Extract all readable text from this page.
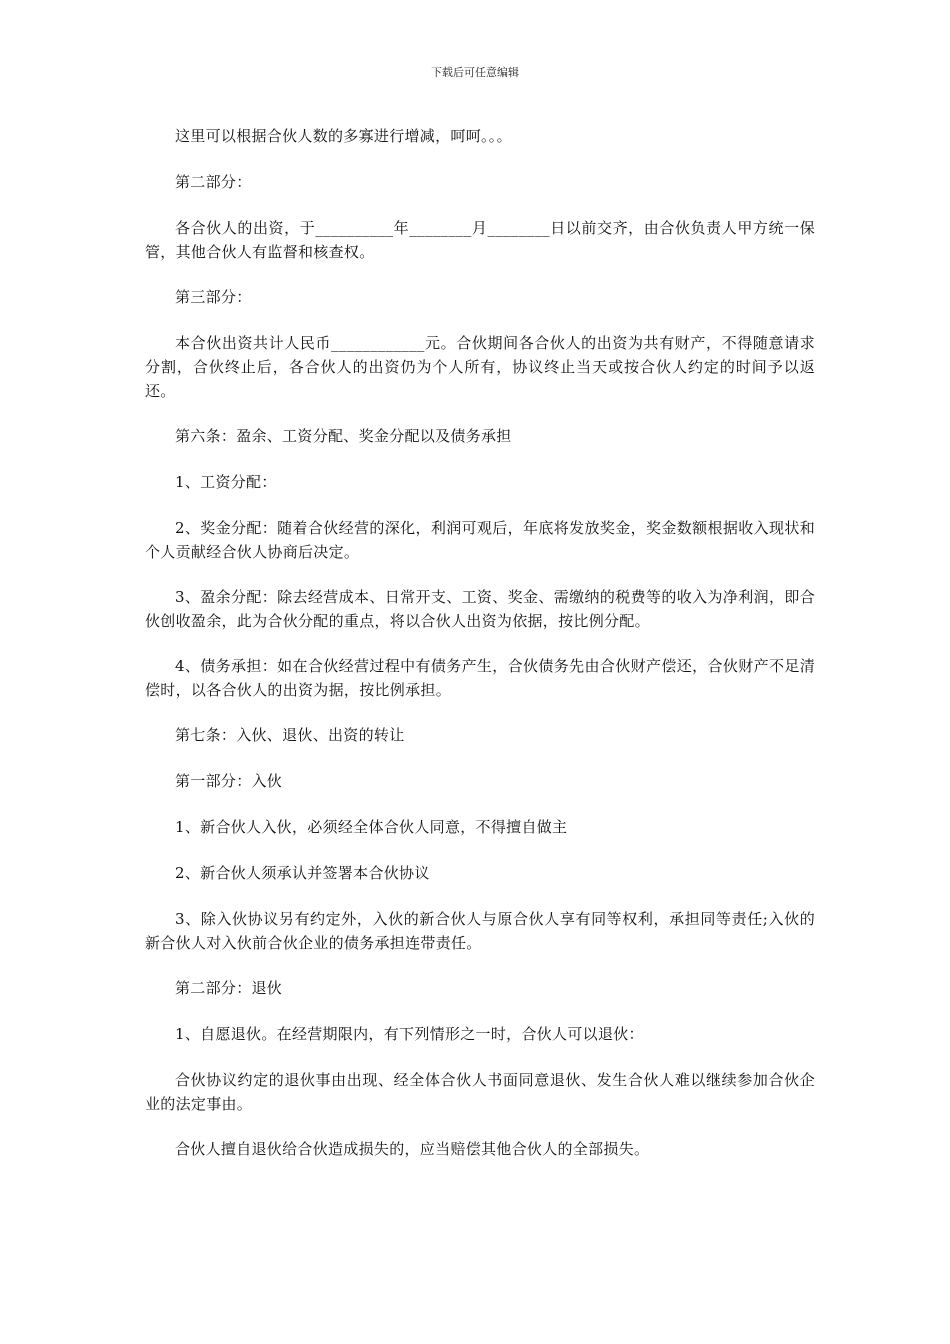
下载后可任意编辑

这里可以根据合伙人数的多寡进行增减，呵呵。。。

第二部分：

各合伙人的出资，于__________年________月________日以前交齐，由合伙负责人甲方统一保管，其他合伙人有监督和核查权。

第三部分：

本合伙出资共计人民币____________元。合伙期间各合伙人的出资为共有财产，不得随意请求分割，合伙终止后，各合伙人的出资仍为个人所有，协议终止当天或按合伙人约定的时间予以返还。

第六条：盈余、工资分配、奖金分配以及债务承担

1、工资分配：

2、奖金分配：随着合伙经营的深化，利润可观后，年底将发放奖金，奖金数额根据收入现状和个人贡献经合伙人协商后决定。

3、盈余分配：除去经营成本、日常开支、工资、奖金、需缴纳的税费等的收入为净利润，即合伙创收盈余，此为合伙分配的重点，将以合伙人出资为依据，按比例分配。

4、债务承担：如在合伙经营过程中有债务产生，合伙债务先由合伙财产偿还，合伙财产不足清偿时，以各合伙人的出资为据，按比例承担。

第七条：入伙、退伙、出资的转让

第一部分：入伙

1、新合伙人入伙，必须经全体合伙人同意，不得擅自做主

2、新合伙人须承认并签署本合伙协议

3、除入伙协议另有约定外，入伙的新合伙人与原合伙人享有同等权利，承担同等责任;入伙的新合伙人对入伙前合伙企业的债务承担连带责任。

第二部分：退伙

1、自愿退伙。在经营期限内，有下列情形之一时，合伙人可以退伙：

合伙协议约定的退伙事由出现、经全体合伙人书面同意退伙、发生合伙人难以继续参加合伙企业的法定事由。

合伙人擅自退伙给合伙造成损失的，应当赔偿其他合伙人的全部损失。
